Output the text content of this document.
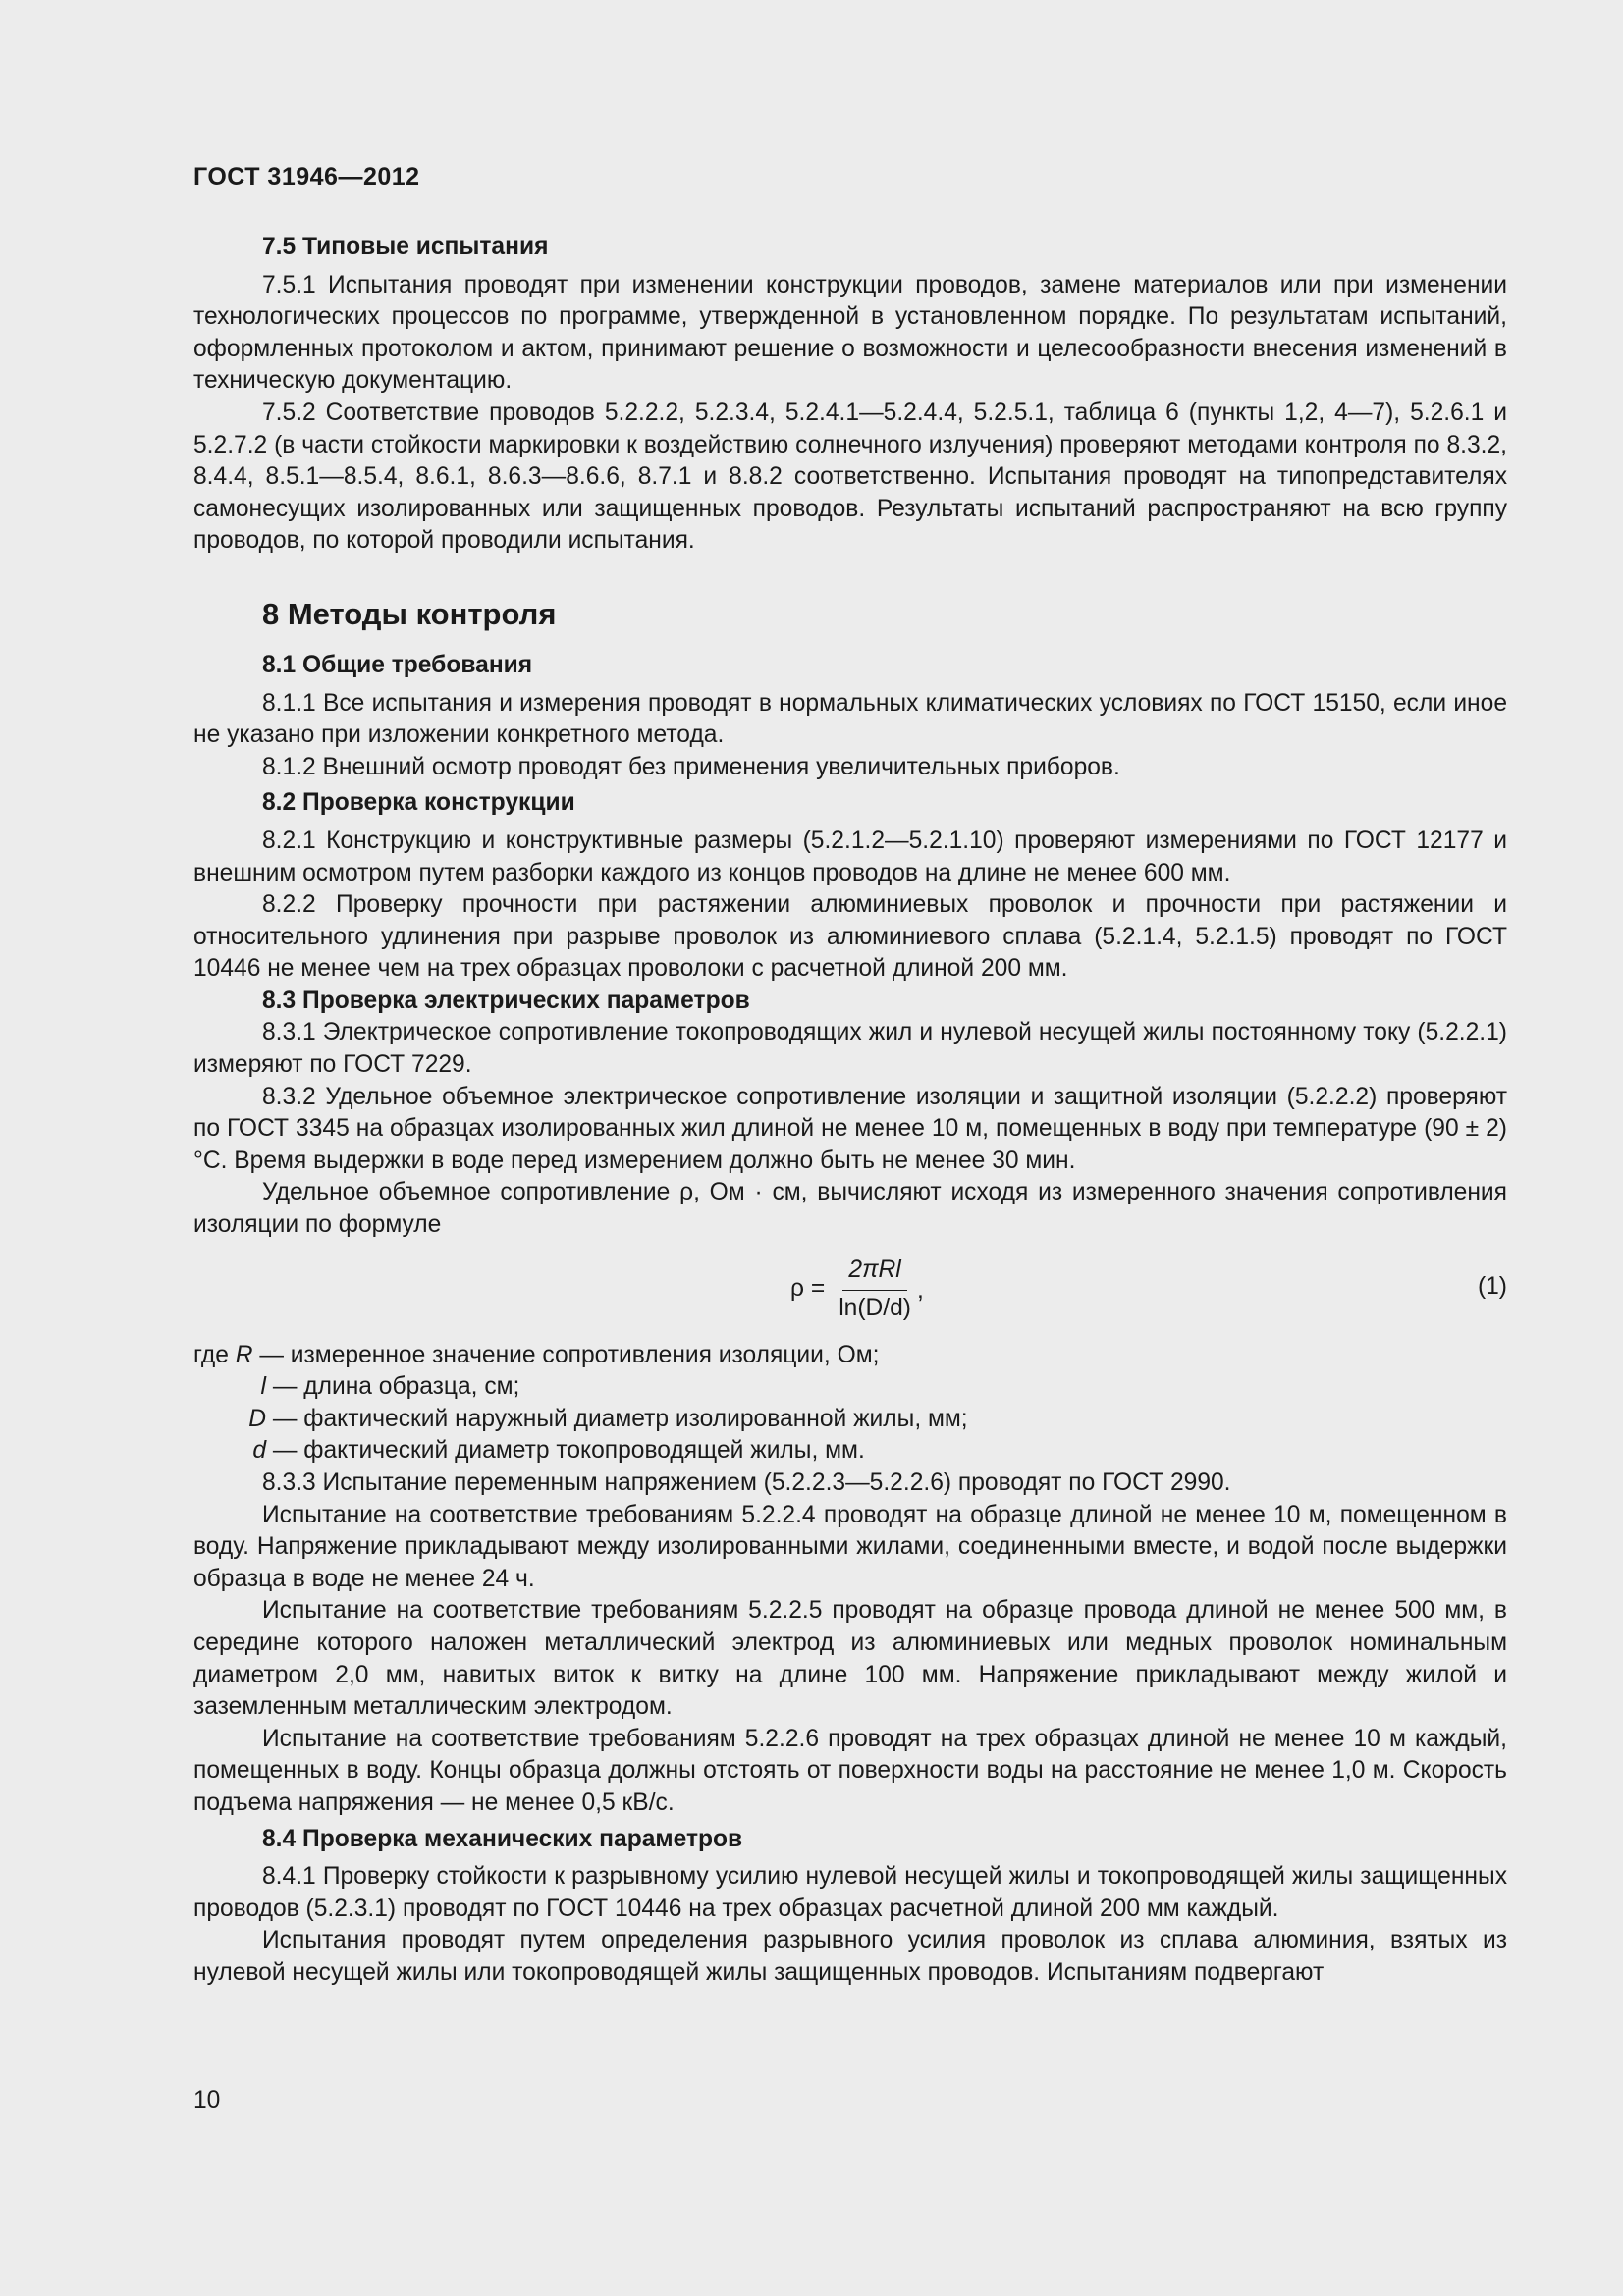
ГОСТ 31946—2012
7.5 Типовые испытания

7.5.1 Испытания проводят при изменении конструкции проводов, замене материалов или при изменении технологических процессов по программе, утвержденной в установленном порядке. По результатам испытаний, оформленных протоколом и актом, принимают решение о возможности и целесообразности внесения изменений в техническую документацию.

7.5.2 Соответствие проводов 5.2.2.2, 5.2.3.4, 5.2.4.1—5.2.4.4, 5.2.5.1, таблица 6 (пункты 1,2, 4—7), 5.2.6.1 и 5.2.7.2 (в части стойкости маркировки к воздействию солнечного излучения) проверяют методами контроля по 8.3.2, 8.4.4, 8.5.1—8.5.4, 8.6.1, 8.6.3—8.6.6, 8.7.1 и 8.8.2 соответственно. Испытания проводят на типопредставителях самонесущих изолированных или защищенных проводов. Результаты испытаний распространяют на всю группу проводов, по которой проводили испытания.

8 Методы контроля
8.1 Общие требования

8.1.1 Все испытания и измерения проводят в нормальных климатических условиях по ГОСТ 15150, если иное не указано при изложении конкретного метода.

8.1.2 Внешний осмотр проводят без применения увеличительных приборов.

8.2 Проверка конструкции

8.2.1 Конструкцию и конструктивные размеры (5.2.1.2—5.2.1.10) проверяют измерениями по ГОСТ 12177 и внешним осмотром путем разборки каждого из концов проводов на длине не менее 600 мм.

8.2.2 Проверку прочности при растяжении алюминиевых проволок и прочности при растяжении и относительного удлинения при разрыве проволок из алюминиевого сплава (5.2.1.4, 5.2.1.5) проводят по ГОСТ 10446 не менее чем на трех образцах проволоки с расчетной длиной 200 мм.

8.3 Проверка электрических параметров

8.3.1 Электрическое сопротивление токопроводящих жил и нулевой несущей жилы постоянному току (5.2.2.1) измеряют по ГОСТ 7229.

8.3.2 Удельное объемное электрическое сопротивление изоляции и защитной изоляции (5.2.2.2) проверяют по ГОСТ 3345 на образцах изолированных жил длиной не менее 10 м, помещенных в воду при температуре (90 ± 2) °С. Время выдержки в воде перед измерением должно быть не менее 30 мин.

Удельное объемное сопротивление ρ, Ом · см, вычисляют исходя из измеренного значения сопротивления изоляции по формуле

$\rho = \frac{\text{2πRl}}{\ln(D/d)}$ ,	(1)

где R — измеренное значение сопротивления изоляции, Ом;

l — длина образца, см;

D — фактический наружный диаметр изолированной жилы, мм;

d — фактический диаметр токопроводящей жилы, мм.

8.3.3 Испытание переменным напряжением (5.2.2.3—5.2.2.6) проводят по ГОСТ 2990.

Испытание на соответствие требованиям 5.2.2.4 проводят на образце длиной не менее 10 м, помещенном в воду. Напряжение прикладывают между изолированными жилами, соединенными вместе, и водой после выдержки образца в воде не менее 24 ч.

Испытание на соответствие требованиям 5.2.2.5 проводят на образце провода длиной не менее 500 мм, в середине которого наложен металлический электрод из алюминиевых или медных проволок номинальным диаметром 2,0 мм, навитых виток к витку на длине 100 мм. Напряжение прикладывают между жилой и заземленным металлическим электродом.

Испытание на соответствие требованиям 5.2.2.6 проводят на трех образцах длиной не менее 10 м каждый, помещенных в воду. Концы образца должны отстоять от поверхности воды на расстояние не менее 1,0 м. Скорость подъема напряжения — не менее 0,5 кВ/с.

8.4 Проверка механических параметров

8.4.1 Проверку стойкости к разрывному усилию нулевой несущей жилы и токопроводящей жилы защищенных проводов (5.2.3.1) проводят по ГОСТ 10446 на трех образцах расчетной длиной 200 мм каждый.

Испытания проводят путем определения разрывного усилия проволок из сплава алюминия, взятых из нулевой несущей жилы или токопроводящей жилы защищенных проводов. Испытаниям подвергают

10
